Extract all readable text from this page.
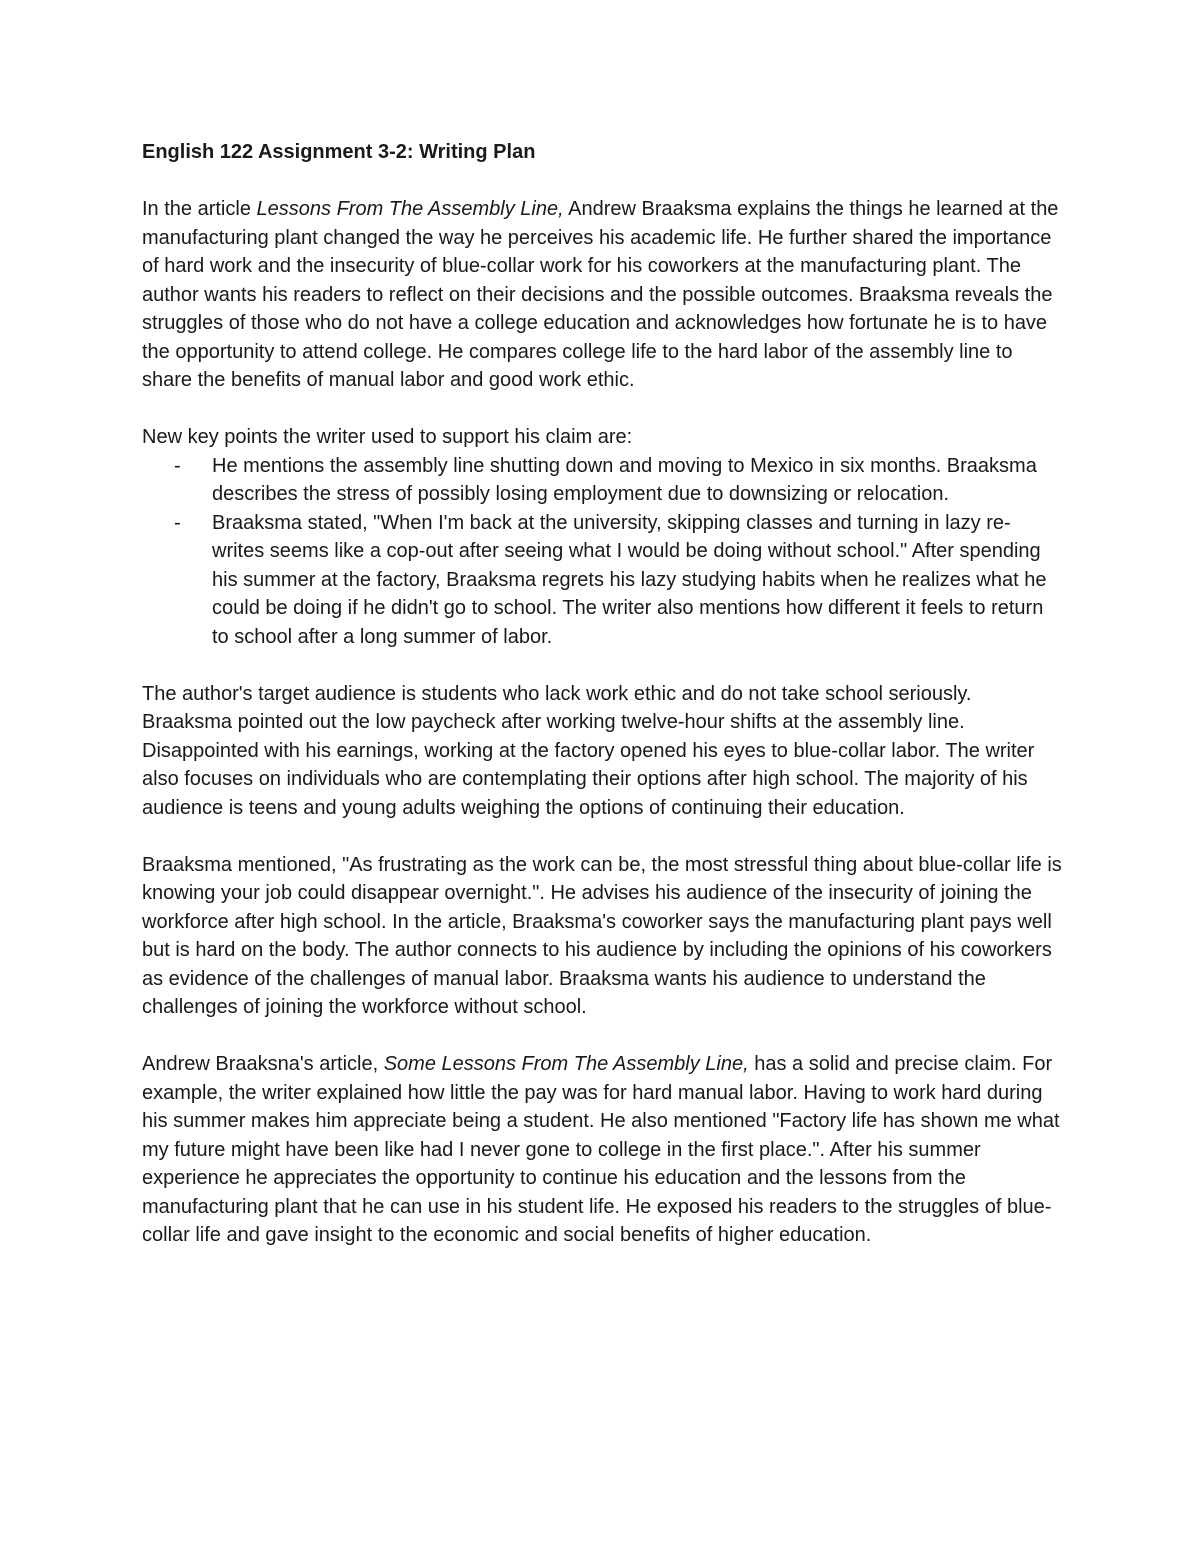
English 122 Assignment 3-2: Writing Plan

In the article Lessons From The Assembly Line, Andrew Braaksma explains the things he learned at the manufacturing plant changed the way he perceives his academic life. He further shared the importance of hard work and the insecurity of blue-collar work for his coworkers at the manufacturing plant. The author wants his readers to reflect on their decisions and the possible outcomes. Braaksma reveals the struggles of those who do not have a college education and acknowledges how fortunate he is to have the opportunity to attend college. He compares college life to the hard labor of the assembly line to share the benefits of manual labor and good work ethic.

New key points the writer used to support his claim are:

- He mentions the assembly line shutting down and moving to Mexico in six months. Braaksma describes the stress of possibly losing employment due to downsizing or relocation.
- Braaksma stated, "When I'm back at the university, skipping classes and turning in lazy re-writes seems like a cop-out after seeing what I would be doing without school." After spending his summer at the factory, Braaksma regrets his lazy studying habits when he realizes what he could be doing if he didn't go to school. The writer also mentions how different it feels to return to school after a long summer of labor.

The author's target audience is students who lack work ethic and do not take school seriously. Braaksma pointed out the low paycheck after working twelve-hour shifts at the assembly line. Disappointed with his earnings, working at the factory opened his eyes to blue-collar labor. The writer also focuses on individuals who are contemplating their options after high school. The majority of his audience is teens and young adults weighing the options of continuing their education.

Braaksma mentioned, "As frustrating as the work can be, the most stressful thing about blue-collar life is knowing your job could disappear overnight.". He advises his audience of the insecurity of joining the workforce after high school. In the article, Braaksma's coworker says the manufacturing plant pays well but is hard on the body. The author connects to his audience by including the opinions of his coworkers as evidence of the challenges of manual labor. Braaksma wants his audience to understand the challenges of joining the workforce without school.

Andrew Braaksna's article, Some Lessons From The Assembly Line, has a solid and precise claim. For example, the writer explained how little the pay was for hard manual labor. Having to work hard during his summer makes him appreciate being a student. He also mentioned "Factory life has shown me what my future might have been like had I never gone to college in the first place.". After his summer experience he appreciates the opportunity to continue his education and the lessons from the manufacturing plant that he can use in his student life. He exposed his readers to the struggles of blue-collar life and gave insight to the economic and social benefits of higher education.
